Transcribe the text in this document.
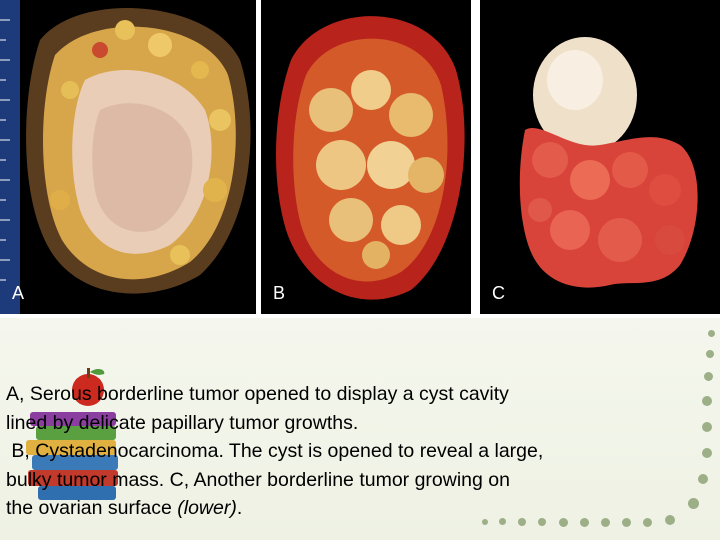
A	B	C

A, Serous borderline tumor opened to display a cyst cavity
lined by delicate papillary tumor growths.
B, Cystadenocarcinoma. The cyst is opened to reveal a large,
bulky tumor mass. C, Another borderline tumor growing on
the ovarian surface (lower).
